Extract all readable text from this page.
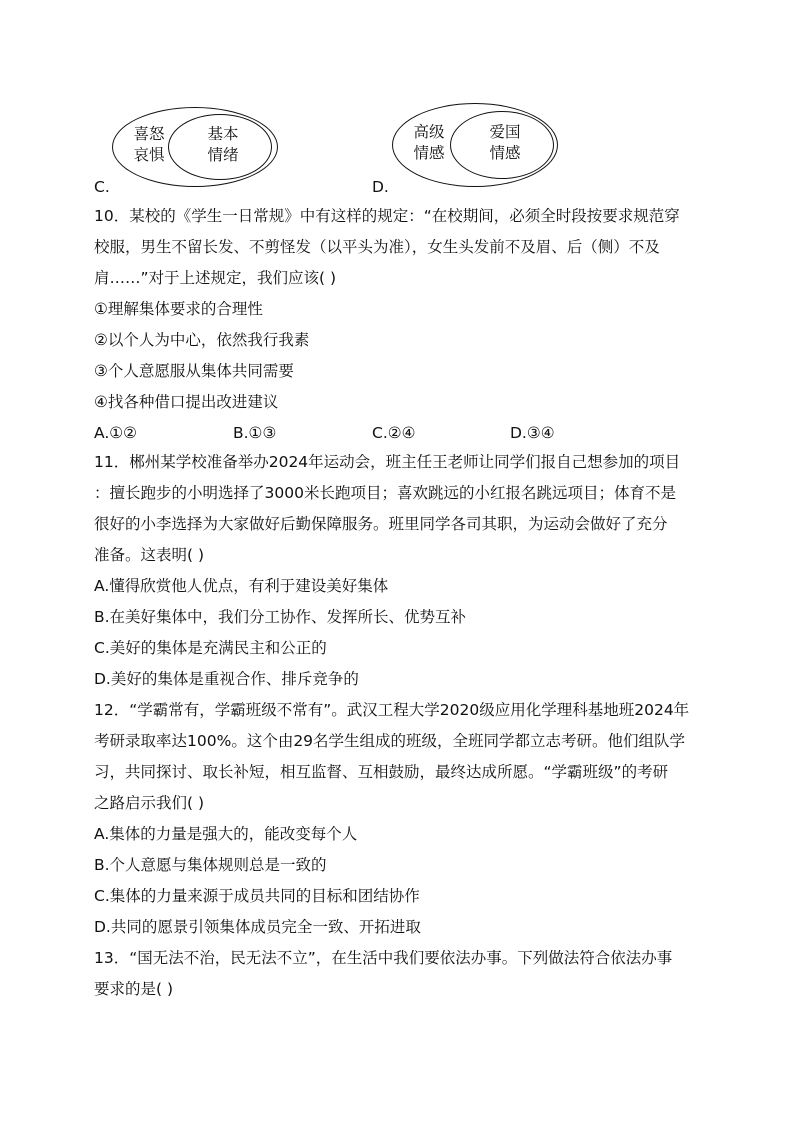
喜怒
哀惧
基本
情绪
C.
高级
情感
爱国
情感
D.
10．某校的《学生一日常规》中有这样的规定：“在校期间，必须全时段按要求规范穿
校服，男生不留长发、不剪怪发（以平头为准），女生头发前不及眉、后（侧）不及
肩……”对于上述规定，我们应该( )
①理解集体要求的合理性
②以个人为中心，依然我行我素
③个人意愿服从集体共同需要
④找各种借口提出改进建议
A.①②	B.①③	C.②④	D.③④
11．郴州某学校准备举办2024年运动会，班主任王老师让同学们报自己想参加的项目
：擅长跑步的小明选择了3000米长跑项目；喜欢跳远的小红报名跳远项目；体育不是
很好的小李选择为大家做好后勤保障服务。班里同学各司其职，为运动会做好了充分
准备。这表明( )
A.懂得欣赏他人优点，有利于建设美好集体
B.在美好集体中，我们分工协作、发挥所长、优势互补
C.美好的集体是充满民主和公正的
D.美好的集体是重视合作、排斥竞争的
12．“学霸常有，学霸班级不常有”。武汉工程大学2020级应用化学理科基地班2024年
考研录取率达100%。这个由29名学生组成的班级，全班同学都立志考研。他们组队学
习，共同探讨、取长补短，相互监督、互相鼓励，最终达成所愿。“学霸班级”的考研
之路启示我们( )
A.集体的力量是强大的，能改变每个人
B.个人意愿与集体规则总是一致的
C.集体的力量来源于成员共同的目标和团结协作
D.共同的愿景引领集体成员完全一致、开拓进取
13．“国无法不治，民无法不立”，在生活中我们要依法办事。下列做法符合依法办事
要求的是( )
